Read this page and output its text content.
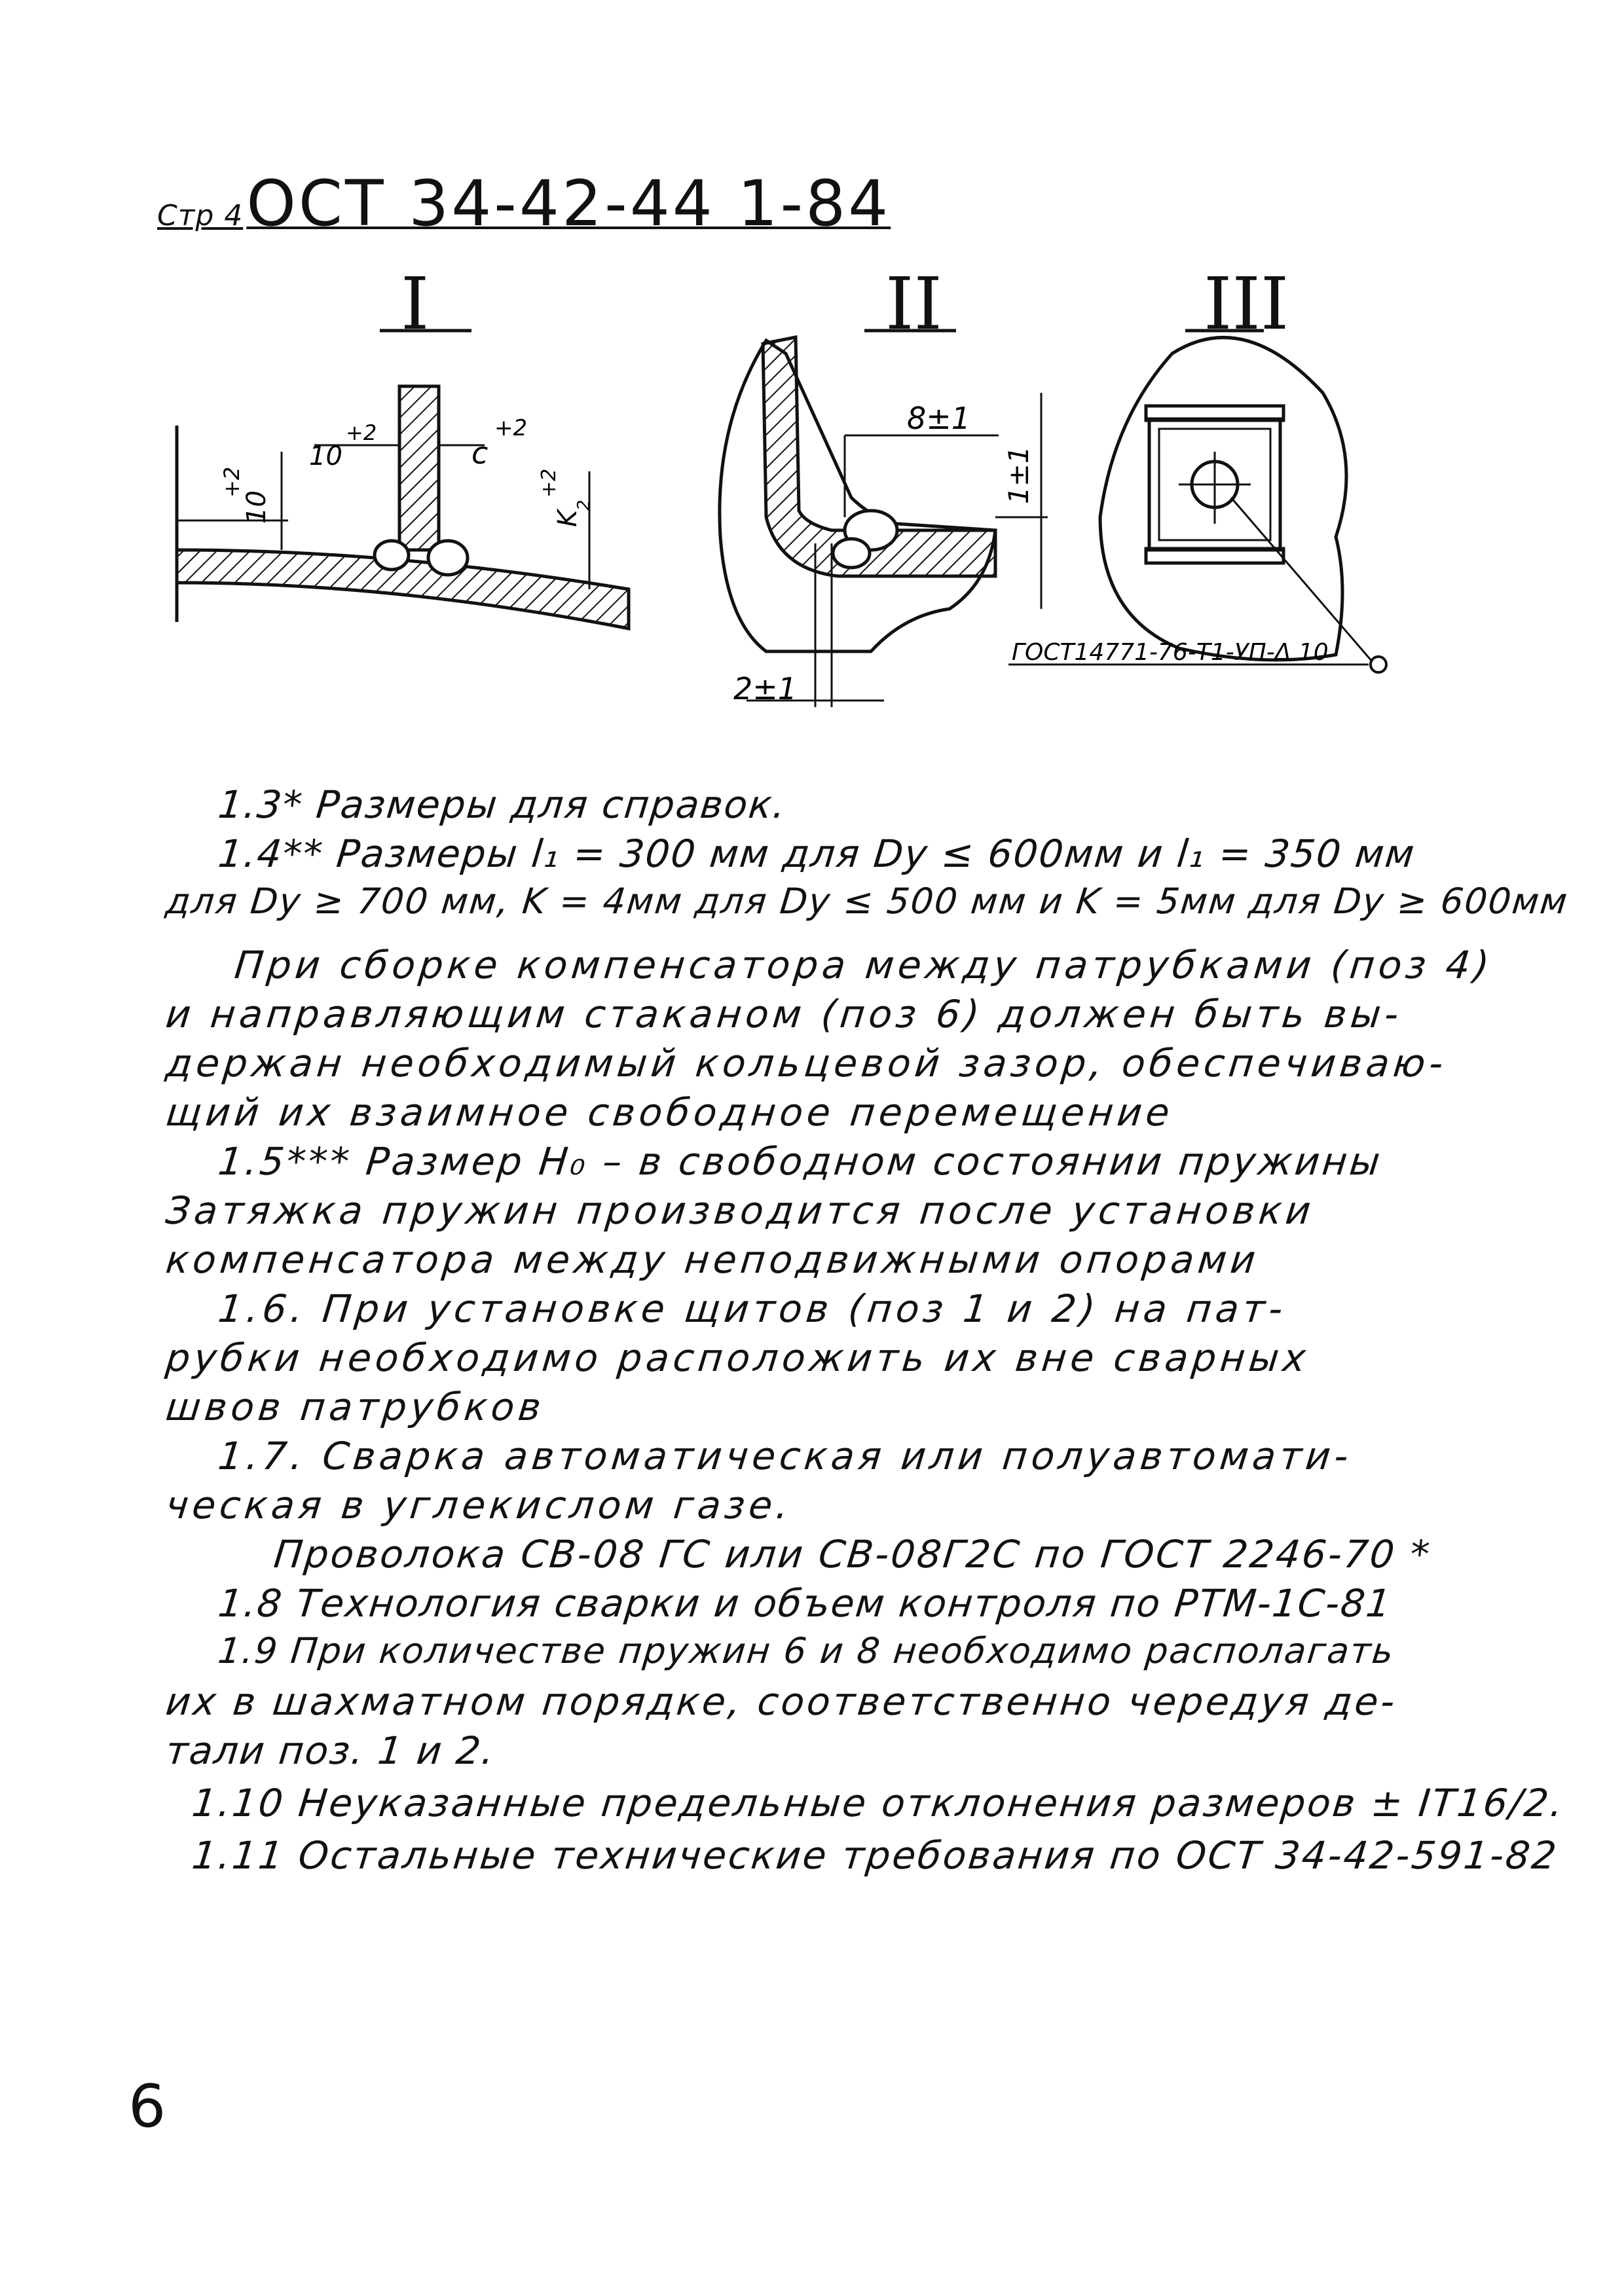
Стр 4 ОСТ 34-42-44 1-84
I	II	III
10
+2
c
+2
10
+2
K
2
+2
8±1
1±1
2±1
ГОСТ14771-76-Т1-УП-Δ 10
1.3* Размеры для справок.
1.4** Размеры l₁ = 300 мм для Dy ≤ 600мм и l₁ = 350 мм
для Dy ≥ 700 мм, K = 4мм для Dy ≤ 500 мм и K = 5мм для Dy ≥ 600мм
При сборке компенсатора между патрубками (поз 4)
и направляющим стаканом (поз 6) должен быть вы-
держан необходимый кольцевой зазор, обеспечиваю-
щий их взаимное свободное перемещение
1.5*** Размер H₀ – в свободном состоянии пружины
Затяжка пружин производится после установки
компенсатора между неподвижными опорами
1.6. При установке щитов (поз 1 и 2) на пат-
рубки необходимо расположить их вне сварных
швов патрубков
1.7. Сварка автоматическая или полуавтомати-
ческая в углекислом газе.
Проволока СВ-08 ГС или СВ-08Г2С по ГОСТ 2246-70 *
1.8 Технология сварки и объем контроля по РТМ-1С-81
1.9 При количестве пружин 6 и 8 необходимо располагать
их в шахматном порядке, соответственно чередуя де-
тали поз. 1 и 2.
1.10 Неуказанные предельные отклонения размеров ± IT16/2.
1.11 Остальные технические требования по ОСТ 34-42-591-82
6
